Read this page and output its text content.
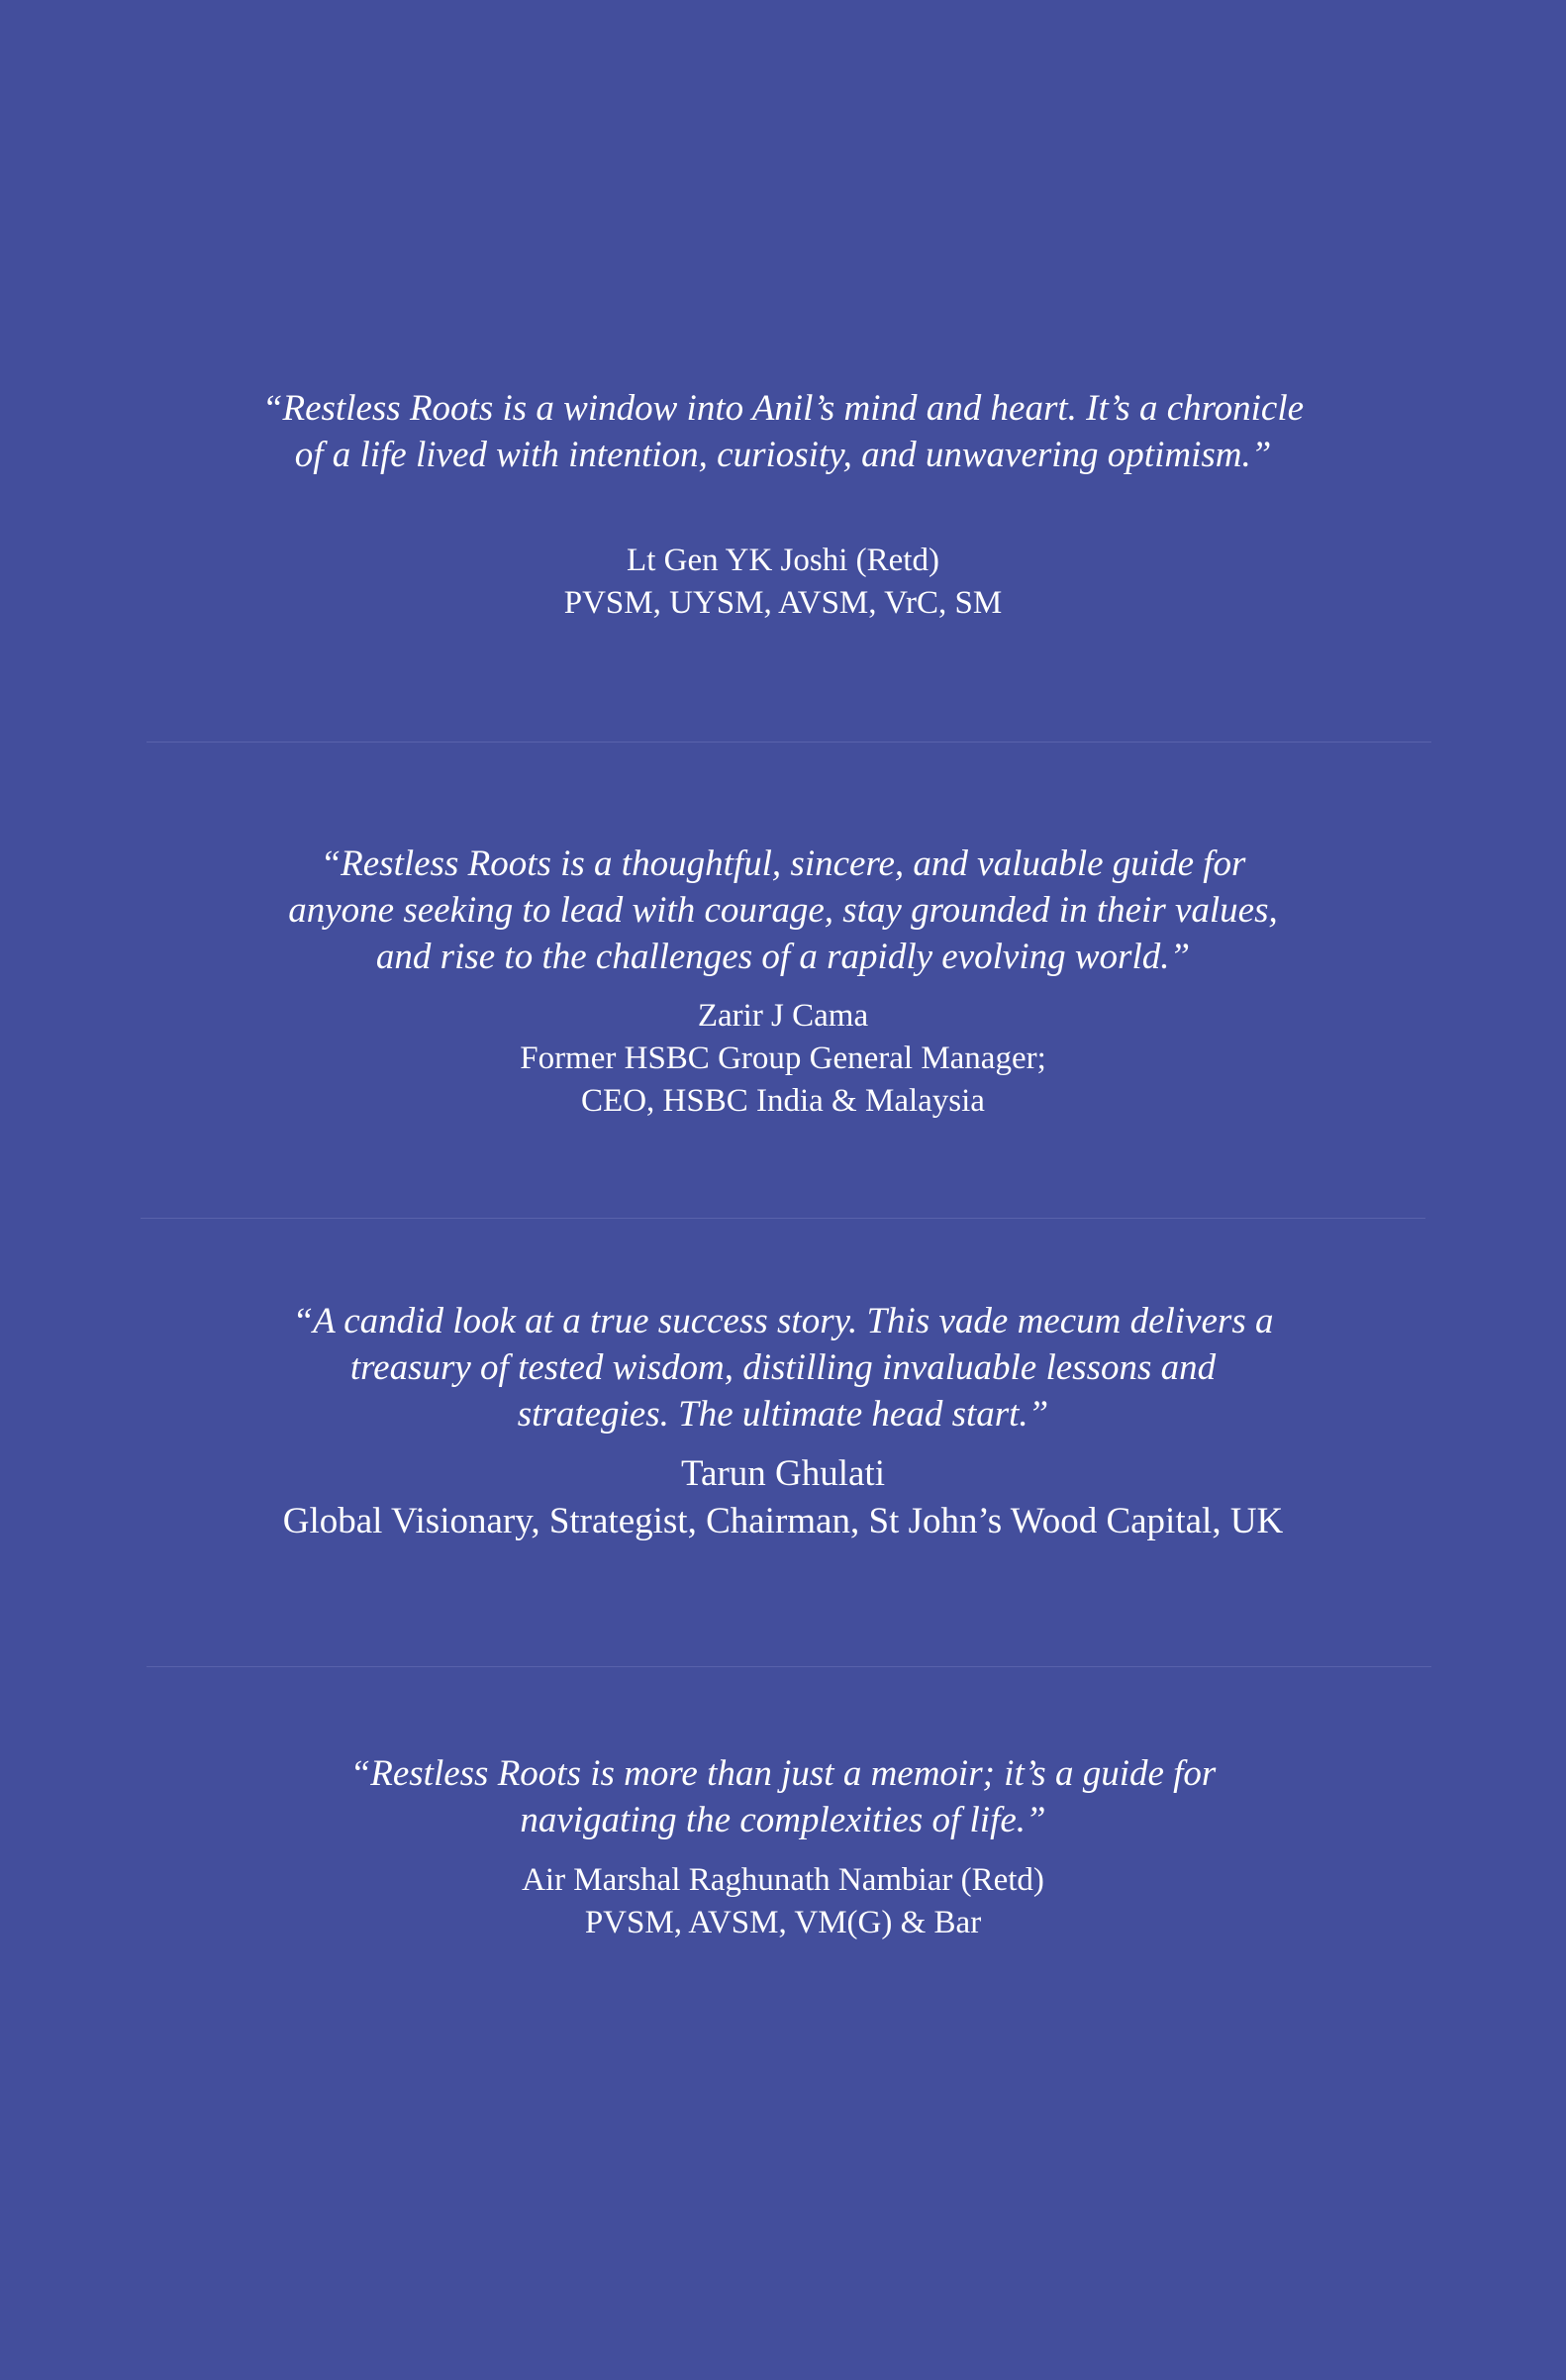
“Restless Roots is a window into Anil’s mind and heart. It’s a chronicle
of a life lived with intention, curiosity, and unwavering optimism.”

Lt Gen YK Joshi (Retd)
PVSM, UYSM, AVSM, VrC, SM

“Restless Roots is a thoughtful, sincere, and valuable guide for
anyone seeking to lead with courage, stay grounded in their values,
and rise to the challenges of a rapidly evolving world.”

Zarir J Cama
Former HSBC Group General Manager;
CEO, HSBC India & Malaysia

“A candid look at a true success story. This vade mecum delivers a
treasury of tested wisdom, distilling invaluable lessons and
strategies. The ultimate head start.”

Tarun Ghulati
Global Visionary, Strategist, Chairman, St John’s Wood Capital, UK

“Restless Roots is more than just a memoir; it’s a guide for
navigating the complexities of life.”

Air Marshal Raghunath Nambiar (Retd)
PVSM, AVSM, VM(G) & Bar
